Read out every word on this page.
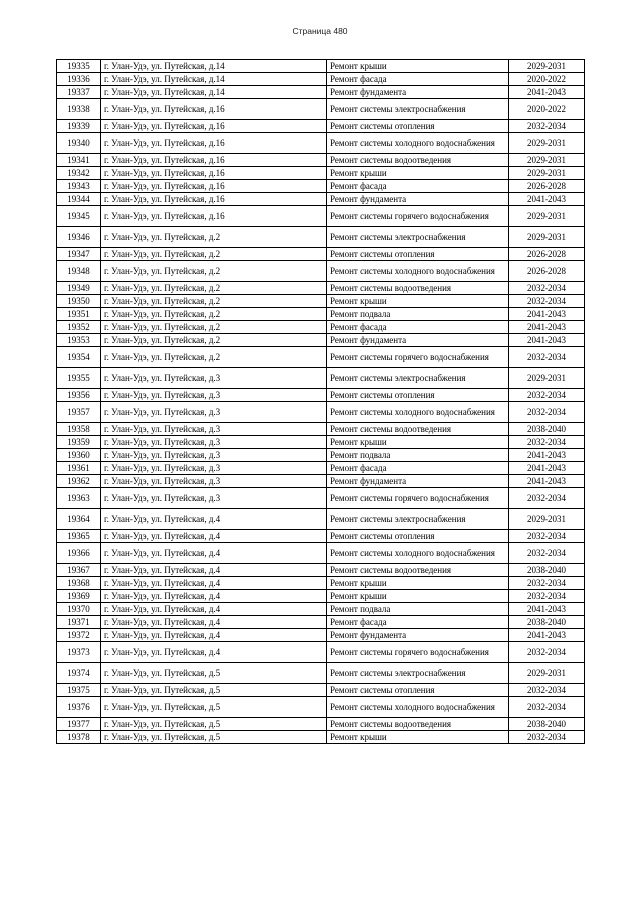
Страница 480
19335	г. Улан-Удэ, ул. Путейская, д.14	Ремонт крыши	2029-2031
19336	г. Улан-Удэ, ул. Путейская, д.14	Ремонт фасада	2020-2022
19337	г. Улан-Удэ, ул. Путейская, д.14	Ремонт фундамента	2041-2043
19338	г. Улан-Удэ, ул. Путейская, д.16	Ремонт системы электроснабжения	2020-2022
19339	г. Улан-Удэ, ул. Путейская, д.16	Ремонт системы отопления	2032-2034
19340	г. Улан-Удэ, ул. Путейская, д.16	Ремонт системы холодного водоснабжения	2029-2031
19341	г. Улан-Удэ, ул. Путейская, д.16	Ремонт системы водоотведения	2029-2031
19342	г. Улан-Удэ, ул. Путейская, д.16	Ремонт крыши	2029-2031
19343	г. Улан-Удэ, ул. Путейская, д.16	Ремонт фасада	2026-2028
19344	г. Улан-Удэ, ул. Путейская, д.16	Ремонт фундамента	2041-2043
19345	г. Улан-Удэ, ул. Путейская, д.16	Ремонт системы горячего водоснабжения	2029-2031
19346	г. Улан-Удэ, ул. Путейская, д.2	Ремонт системы электроснабжения	2029-2031
19347	г. Улан-Удэ, ул. Путейская, д.2	Ремонт системы отопления	2026-2028
19348	г. Улан-Удэ, ул. Путейская, д.2	Ремонт системы холодного водоснабжения	2026-2028
19349	г. Улан-Удэ, ул. Путейская, д.2	Ремонт системы водоотведения	2032-2034
19350	г. Улан-Удэ, ул. Путейская, д.2	Ремонт крыши	2032-2034
19351	г. Улан-Удэ, ул. Путейская, д.2	Ремонт подвала	2041-2043
19352	г. Улан-Удэ, ул. Путейская, д.2	Ремонт фасада	2041-2043
19353	г. Улан-Удэ, ул. Путейская, д.2	Ремонт фундамента	2041-2043
19354	г. Улан-Удэ, ул. Путейская, д.2	Ремонт системы горячего водоснабжения	2032-2034
19355	г. Улан-Удэ, ул. Путейская, д.3	Ремонт системы электроснабжения	2029-2031
19356	г. Улан-Удэ, ул. Путейская, д.3	Ремонт системы отопления	2032-2034
19357	г. Улан-Удэ, ул. Путейская, д.3	Ремонт системы холодного водоснабжения	2032-2034
19358	г. Улан-Удэ, ул. Путейская, д.3	Ремонт системы водоотведения	2038-2040
19359	г. Улан-Удэ, ул. Путейская, д.3	Ремонт крыши	2032-2034
19360	г. Улан-Удэ, ул. Путейская, д.3	Ремонт подвала	2041-2043
19361	г. Улан-Удэ, ул. Путейская, д.3	Ремонт фасада	2041-2043
19362	г. Улан-Удэ, ул. Путейская, д.3	Ремонт фундамента	2041-2043
19363	г. Улан-Удэ, ул. Путейская, д.3	Ремонт системы горячего водоснабжения	2032-2034
19364	г. Улан-Удэ, ул. Путейская, д.4	Ремонт системы электроснабжения	2029-2031
19365	г. Улан-Удэ, ул. Путейская, д.4	Ремонт системы отопления	2032-2034
19366	г. Улан-Удэ, ул. Путейская, д.4	Ремонт системы холодного водоснабжения	2032-2034
19367	г. Улан-Удэ, ул. Путейская, д.4	Ремонт системы водоотведения	2038-2040
19368	г. Улан-Удэ, ул. Путейская, д.4	Ремонт крыши	2032-2034
19369	г. Улан-Удэ, ул. Путейская, д.4	Ремонт крыши	2032-2034
19370	г. Улан-Удэ, ул. Путейская, д.4	Ремонт подвала	2041-2043
19371	г. Улан-Удэ, ул. Путейская, д.4	Ремонт фасада	2038-2040
19372	г. Улан-Удэ, ул. Путейская, д.4	Ремонт фундамента	2041-2043
19373	г. Улан-Удэ, ул. Путейская, д.4	Ремонт системы горячего водоснабжения	2032-2034
19374	г. Улан-Удэ, ул. Путейская, д.5	Ремонт системы электроснабжения	2029-2031
19375	г. Улан-Удэ, ул. Путейская, д.5	Ремонт системы отопления	2032-2034
19376	г. Улан-Удэ, ул. Путейская, д.5	Ремонт системы холодного водоснабжения	2032-2034
19377	г. Улан-Удэ, ул. Путейская, д.5	Ремонт системы водоотведения	2038-2040
19378	г. Улан-Удэ, ул. Путейская, д.5	Ремонт крыши	2032-2034
